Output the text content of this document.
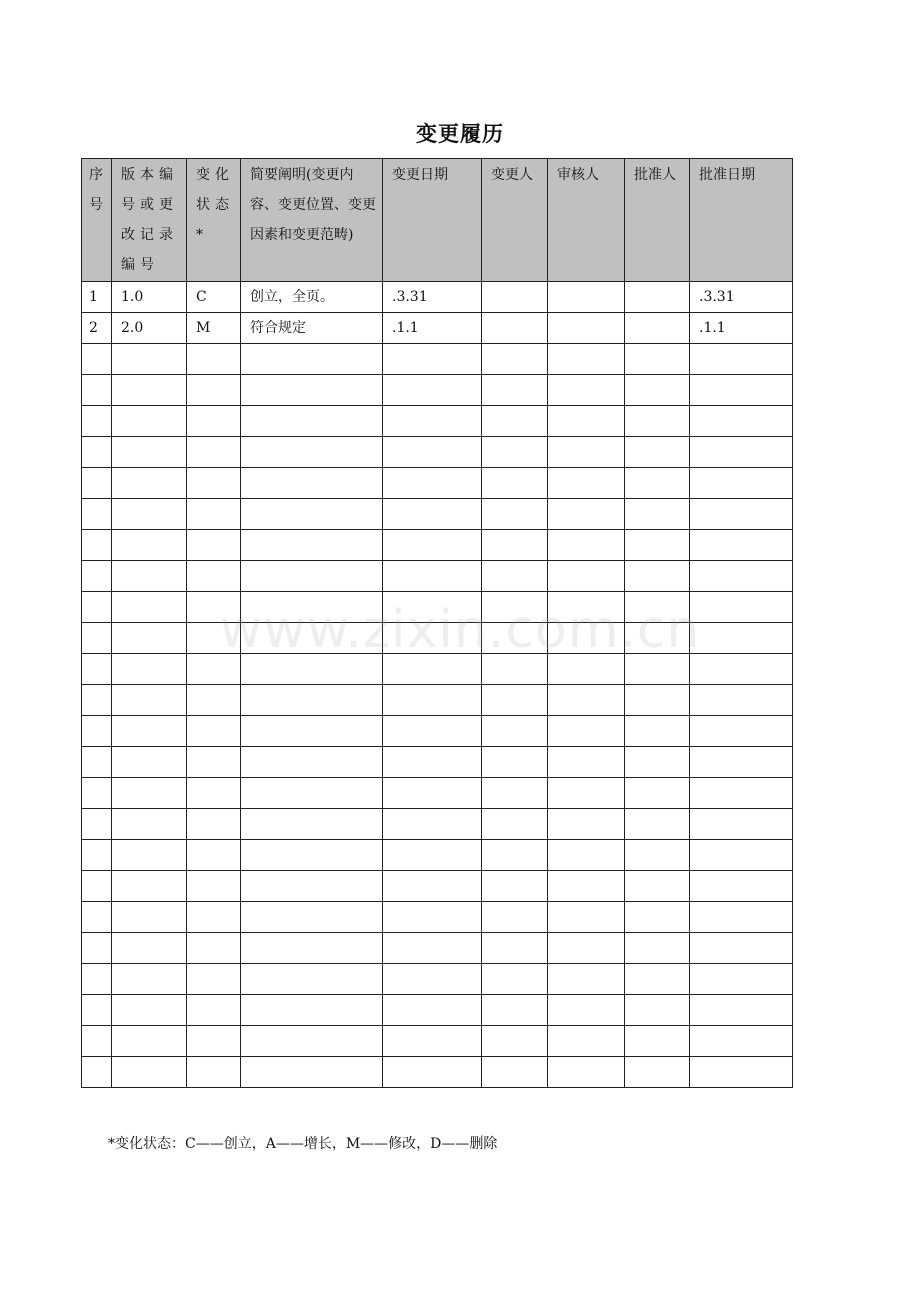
变更履历
序号	版本编号或更改记录编号	变化状态*	简要阐明(变更内容、变更位置、变更因素和变更范畴)	变更日期	变更人	审核人	批准人	批准日期
1	1.0	C	创立，全页。	.3.31				.3.31
2	2.0	M	符合规定	.1.1				.1.1

www.zixin.com.cn
*变化状态：C——创立，A——增长，M——修改，D——删除
